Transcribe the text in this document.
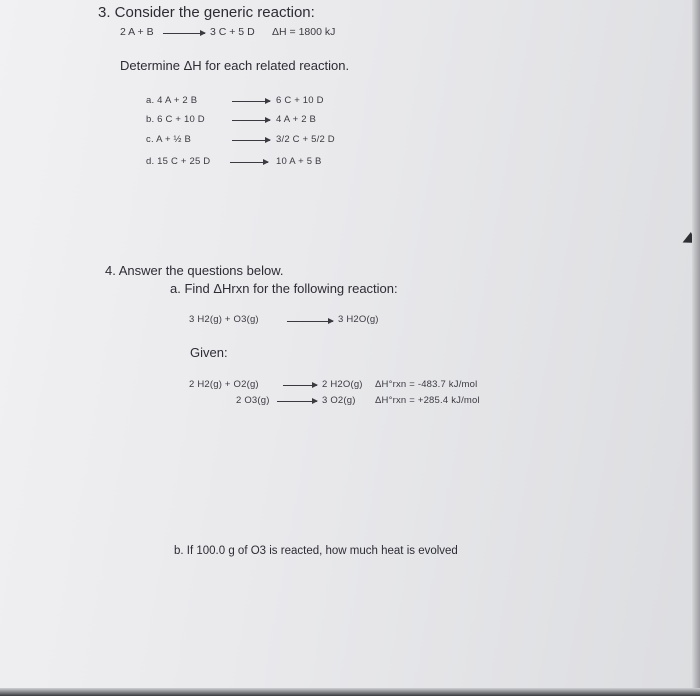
3. Consider the generic reaction:
2 A + B	3 C + 5 D ΔH = 1800 kJ
Determine ΔH for each related reaction.
a. 4 A + 2 B	6 C + 10 D
b. 6 C + 10 D	4 A + 2 B
c. A + ½ B	3/2 C + 5/2 D
d. 15 C + 25 D	10 A + 5 B
4. Answer the questions below.
a. Find ΔHrxn for the following reaction:
3 H2(g) + O3(g)	3 H2O(g)
Given:
2 H2(g) + O2(g)	2 H2O(g) ΔH°rxn = -483.7 kJ/mol
2 O3(g)	3 O2(g) ΔH°rxn = +285.4 kJ/mol
b. If 100.0 g of O3 is reacted, how much heat is evolved
